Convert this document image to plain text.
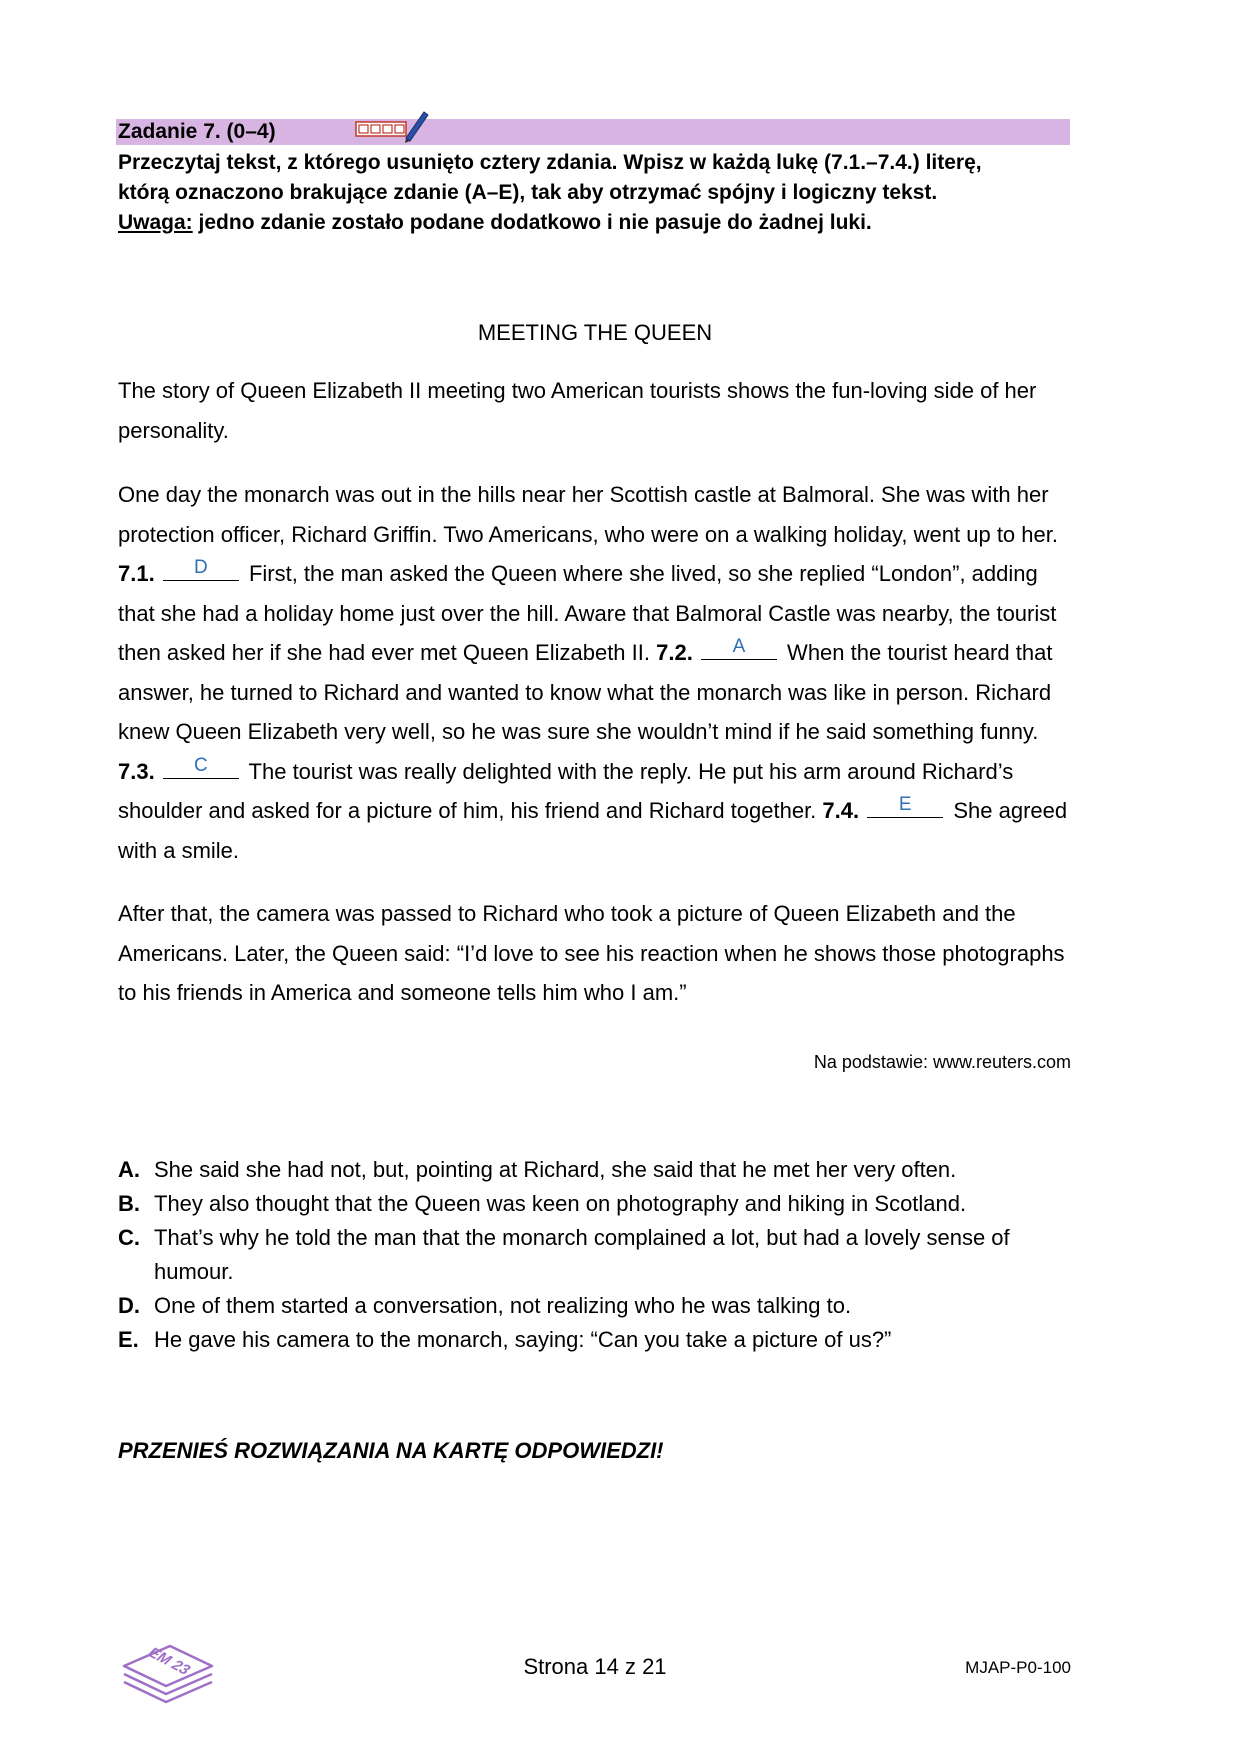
Zadanie 7. (0–4)
Przeczytaj tekst, z którego usunięto cztery zdania. Wpisz w każdą lukę (7.1.–7.4.) literę,
którą oznaczono brakujące zdanie (A–E), tak aby otrzymać spójny i logiczny tekst.
Uwaga: jedno zdanie zostało podane dodatkowo i nie pasuje do żadnej luki.
MEETING THE QUEEN
The story of Queen Elizabeth II meeting two American tourists shows the fun-loving side of her personality.
One day the monarch was out in the hills near her Scottish castle at Balmoral. She was with her protection officer, Richard Griffin. Two Americans, who were on a walking holiday, went up to her. 7.1.	D	First, the man asked the Queen where she lived, so she replied “London”, adding that she had a holiday home just over the hill. Aware that Balmoral Castle was nearby, the tourist then asked her if she had ever met Queen Elizabeth II. 7.2.	A	When the tourist heard that answer, he turned to Richard and wanted to know what the monarch was like in person. Richard knew Queen Elizabeth very well, so he was sure she wouldn’t mind if he said something funny. 7.3.	C	The tourist was really delighted with the reply. He put his arm around Richard’s shoulder and asked for a picture of him, his friend and Richard together. 7.4.	E	She agreed with a smile.
After that, the camera was passed to Richard who took a picture of Queen Elizabeth and the Americans. Later, the Queen said: “I’d love to see his reaction when he shows those photographs to his friends in America and someone tells him who I am.”
Na podstawie: www.reuters.com
A. She said she had not, but, pointing at Richard, she said that he met her very often.
B. They also thought that the Queen was keen on photography and hiking in Scotland.
C. That’s why he told the man that the monarch complained a lot, but had a lovely sense of humour.
D. One of them started a conversation, not realizing who he was talking to.
E. He gave his camera to the monarch, saying: “Can you take a picture of us?”
PRZENIEŚ ROZWIĄZANIA NA KARTĘ ODPOWIEDZI!
EM 23	Strona 14 z 21	MJAP-P0-100
